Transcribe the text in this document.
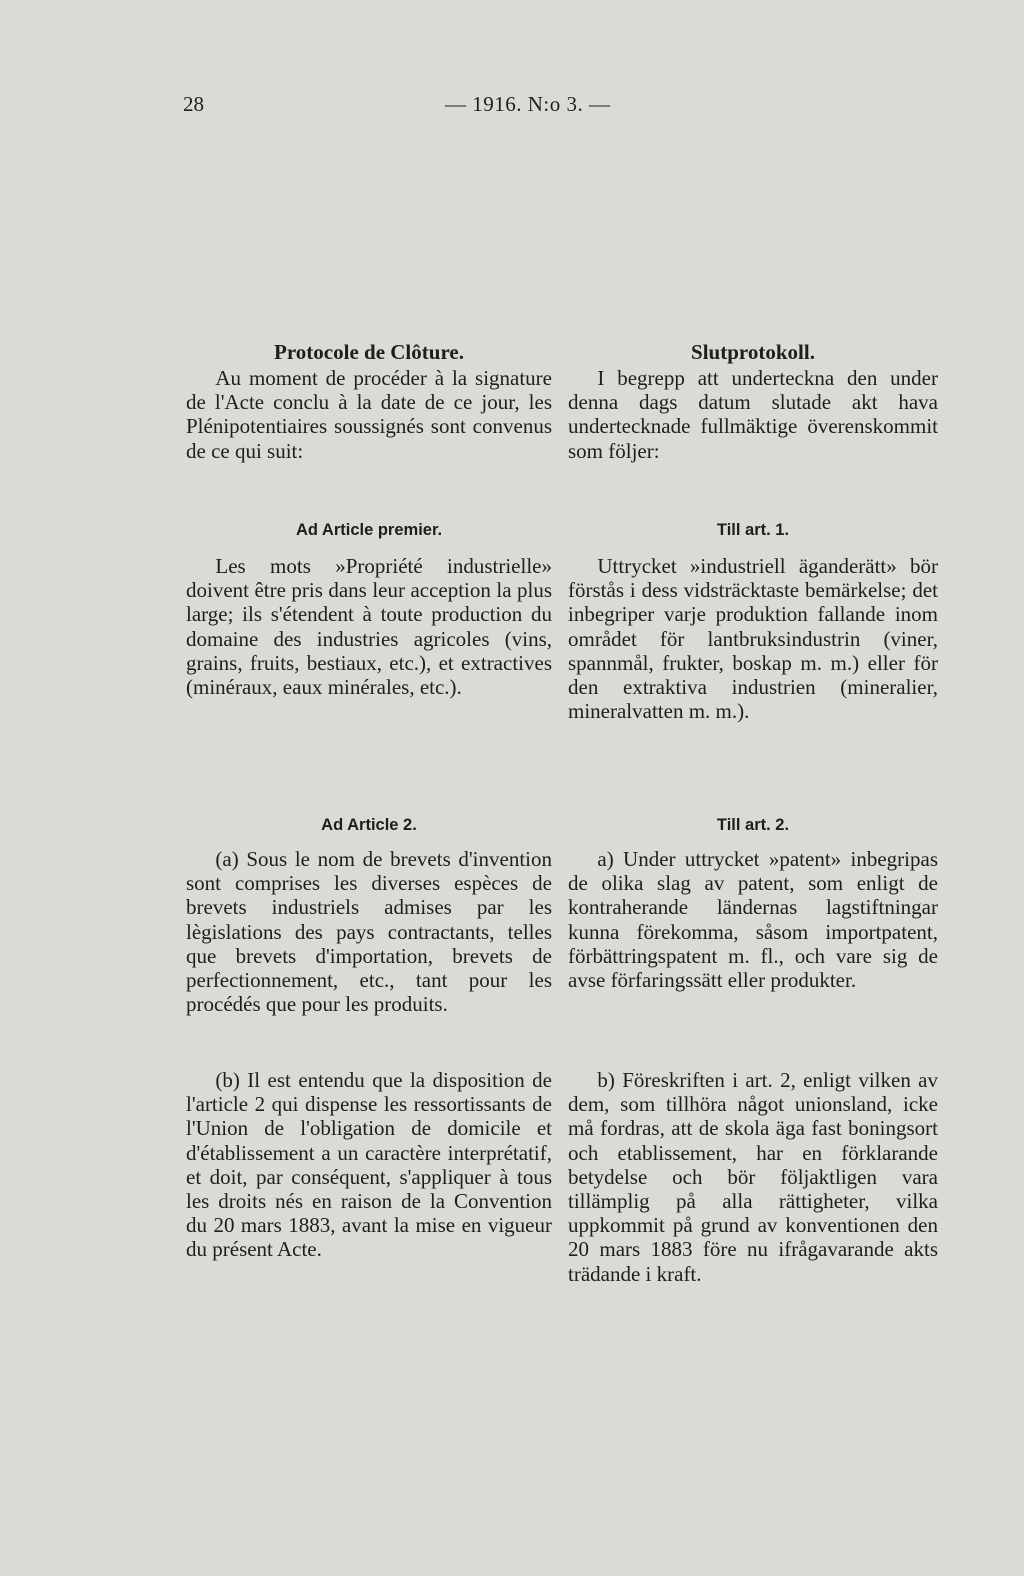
28	— 1916. N:o 3. —
Protocole de Clôture.

Au moment de procéder à la signature de l'Acte conclu à la date de ce jour, les Plénipotentiaires soussignés sont convenus de ce qui suit:

Ad Article premier.

Les mots »Propriété industrielle» doivent être pris dans leur acception la plus large; ils s'étendent à toute production du domaine des industries agricoles (vins, grains, fruits, bestiaux, etc.), et extractives (minéraux, eaux minérales, etc.).

Ad Article 2.

(a) Sous le nom de brevets d'invention sont comprises les diverses espèces de brevets industriels admises par les lègislations des pays contractants, telles que brevets d'importation, brevets de perfectionnement, etc., tant pour les procédés que pour les produits.

(b) Il est entendu que la disposition de l'article 2 qui dispense les ressortissants de l'Union de l'obligation de domicile et d'établissement a un caractère interprétatif, et doit, par conséquent, s'appliquer à tous les droits nés en raison de la Convention du 20 mars 1883, avant la mise en vigueur du présent Acte.

Slutprotokoll.

I begrepp att underteckna den under denna dags datum slutade akt hava undertecknade fullmäktige överenskommit som följer:

Till art. 1.

Uttrycket »industriell äganderätt» bör förstås i dess vidsträcktaste bemärkelse; det inbegriper varje produktion fallande inom området för lantbruksindustrin (viner, spannmål, frukter, boskap m. m.) eller för den extraktiva industrien (mineralier, mineralvatten m. m.).

Till art. 2.

a) Under uttrycket »patent» inbegripas de olika slag av patent, som enligt de kontraherande ländernas lagstiftningar kunna förekomma, såsom importpatent, förbättringspatent m. fl., och vare sig de avse förfaringssätt eller produkter.

b) Föreskriften i art. 2, enligt vilken av dem, som tillhöra något unionsland, icke må fordras, att de skola äga fast boningsort och etablissement, har en förklarande betydelse och bör följaktligen vara tillämplig på alla rättigheter, vilka uppkommit på grund av konventionen den 20 mars 1883 före nu ifrågavarande akts trädande i kraft.
